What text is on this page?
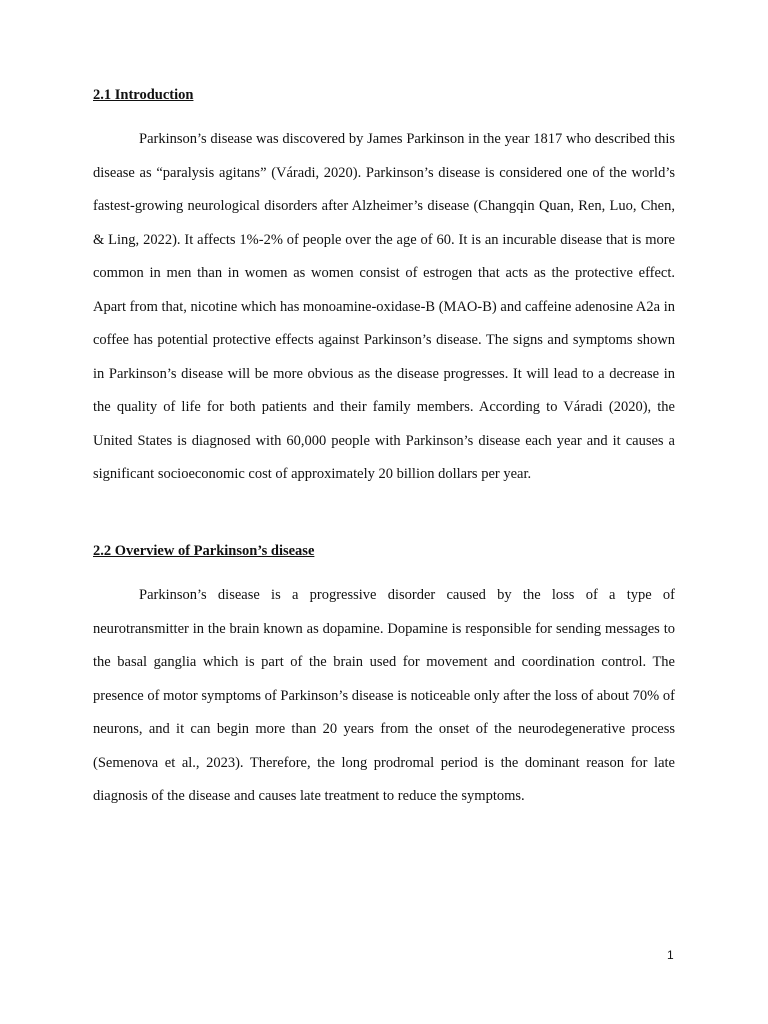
2.1 Introduction

Parkinson’s disease was discovered by James Parkinson in the year 1817 who described this disease as “paralysis agitans” (Váradi, 2020). Parkinson’s disease is considered one of the world’s fastest-growing neurological disorders after Alzheimer’s disease (Changqin Quan, Ren, Luo, Chen, & Ling, 2022). It affects 1%-2% of people over the age of 60. It is an incurable disease that is more common in men than in women as women consist of estrogen that acts as the protective effect. Apart from that, nicotine which has monoamine-oxidase-B (MAO-B) and caffeine adenosine A2a in coffee has potential protective effects against Parkinson’s disease. The signs and symptoms shown in Parkinson’s disease will be more obvious as the disease progresses. It will lead to a decrease in the quality of life for both patients and their family members. According to Váradi (2020), the United States is diagnosed with 60,000 people with Parkinson’s disease each year and it causes a significant socioeconomic cost of approximately 20 billion dollars per year.

2.2 Overview of Parkinson’s disease

Parkinson’s disease is a progressive disorder caused by the loss of a type of neurotransmitter in the brain known as dopamine. Dopamine is responsible for sending messages to the basal ganglia which is part of the brain used for movement and coordination control. The presence of motor symptoms of Parkinson’s disease is noticeable only after the loss of about 70% of neurons, and it can begin more than 20 years from the onset of the neurodegenerative process (Semenova et al., 2023). Therefore, the long prodromal period is the dominant reason for late diagnosis of the disease and causes late treatment to reduce the symptoms.

1
